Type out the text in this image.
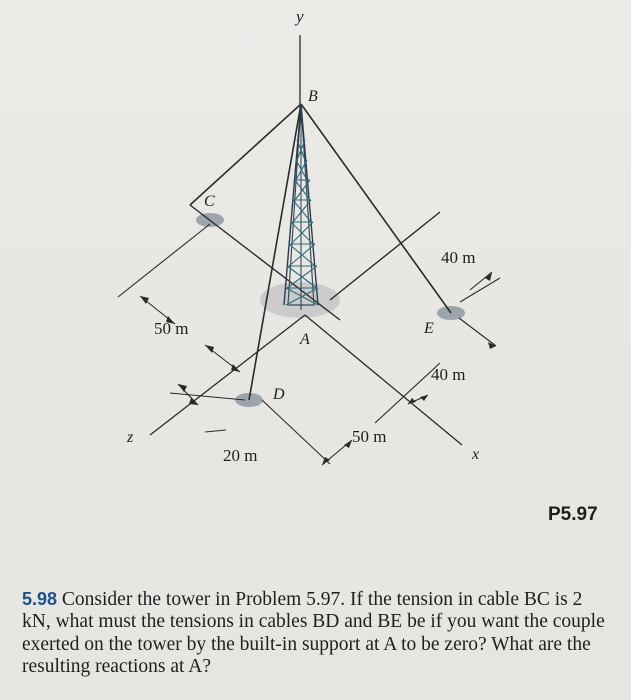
y
B
C
A
D
E
z
x
50 m
20 m
50 m
40 m
40 m
P5.97
5.98 Consider the tower in Problem 5.97. If the tension in cable BC is 2 kN, what must the tensions in cables BD and BE be if you want the couple exerted on the tower by the built-in support at A to be zero? What are the resulting reactions at A?
